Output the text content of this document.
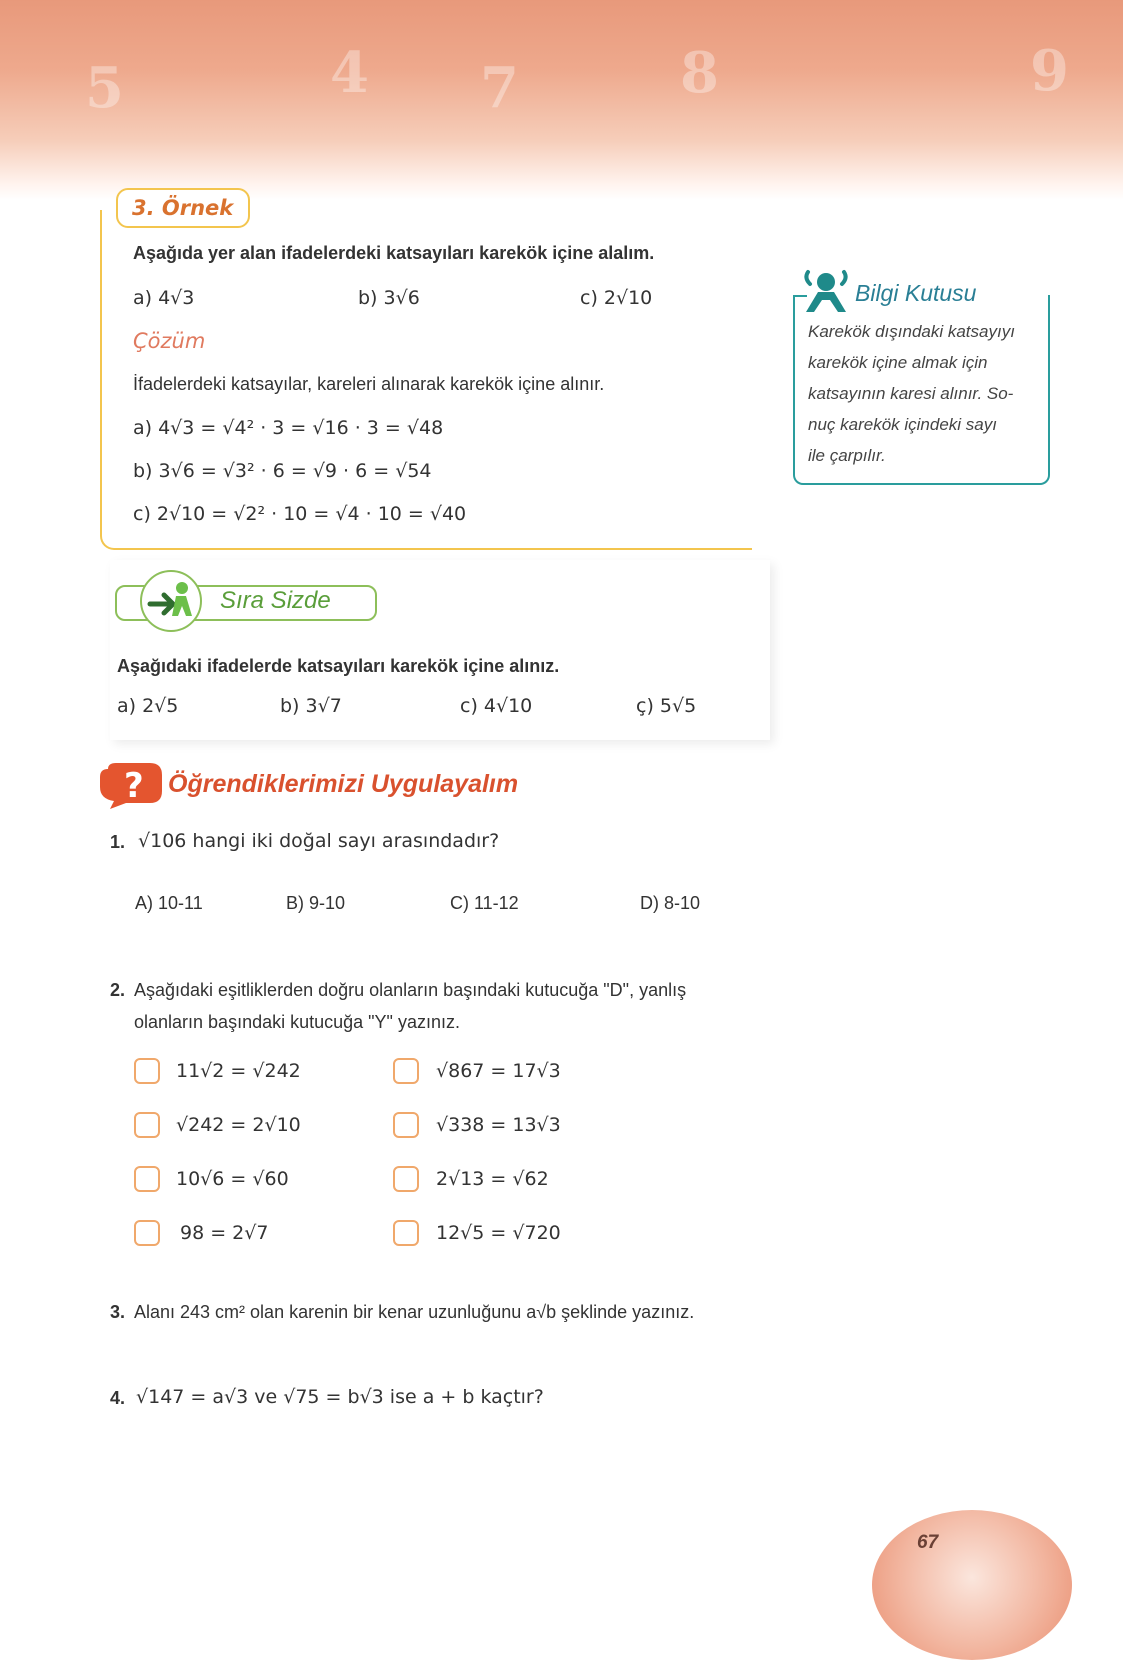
5	4 7	8	9
3. Örnek
Aşağıda yer alan ifadelerdeki katsayıları karekök içine alalım.
a) 4√3	b) 3√6	c) 2√10
Çözüm
İfadelerdeki katsayılar, kareleri alınarak karekök içine alınır.
a) 4√3 = √4² · 3 = √16 · 3 = √48
b) 3√6 = √3² · 6 = √9 · 6 = √54
c) 2√10 = √2² · 10 = √4 · 10 = √40
Bilgi Kutusu
Karekök dışındaki katsayıyı
karekök içine almak için
katsayının karesi alınır. So-
nuç karekök içindeki sayı
ile çarpılır.
Sıra Sizde
Aşağıdaki ifadelerde katsayıları karekök içine alınız.
a) 2√5	b) 3√7	c) 4√10	ç) 5√5
? Öğrendiklerimizi Uygulayalım
1. √106 hangi iki doğal sayı arasındadır?
A) 10-11	B) 9-10	C) 11-12	D) 8-10
2. Aşağıdaki eşitliklerden doğru olanların başındaki kutucuğa "D", yanlış
olanların başındaki kutucuğa "Y" yazınız.
11√2 = √242	√867 = 17√3
√242 = 2√10	√338 = 13√3
10√6 = √60	2√13 = √62
98 = 2√7	12√5 = √720
3. Alanı 243 cm² olan karenin bir kenar uzunluğunu a√b şeklinde yazınız.
4. √147 = a√3 ve √75 = b√3 ise a + b kaçtır?
67
